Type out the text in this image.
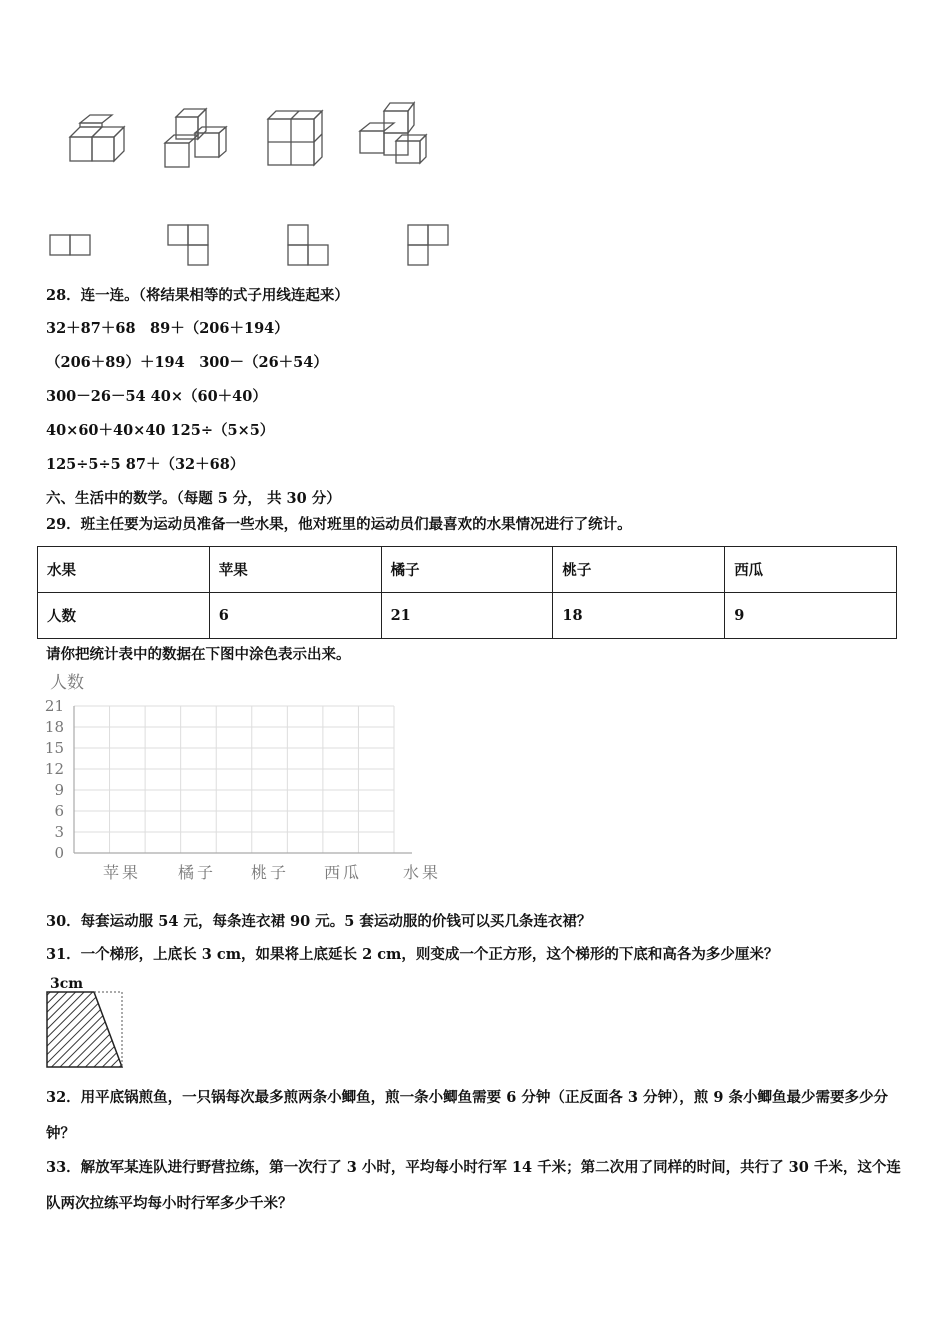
28．连一连。（将结果相等的式子用线连起来）
32＋87＋68　89＋（206＋194）
（206＋89）＋194　300－（26＋54）
300－26－54 40×（60＋40）
40×60＋40×40 125÷（5×5）
125÷5÷5 87＋（32＋68）
六、生活中的数学。（每题 5 分， 共 30 分）
29．班主任要为运动员准备一些水果，他对班里的运动员们最喜欢的水果情况进行了统计。
水果	苹果	橘子	桃子	西瓜
人数	6	21	18	9
请你把统计表中的数据在下图中涂色表示出来。
人数
21
18
15
12
9
6
3
0
苹果 橘子 桃子 西瓜	水果
30．每套运动服 54 元，每条连衣裙 90 元。5 套运动服的价钱可以买几条连衣裙？
31．一个梯形，上底长 3 cm，如果将上底延长 2 cm，则变成一个正方形，这个梯形的下底和高各为多少厘米？
3cm
32．用平底锅煎鱼，一只锅每次最多煎两条小鲫鱼，煎一条小鲫鱼需要 6 分钟（正反面各 3 分钟），煎 9 条小鲫鱼最少需要多少分钟？
33．解放军某连队进行野营拉练，第一次行了 3 小时，平均每小时行军 14 千米；第二次用了同样的时间，共行了 30 千米，这个连队两次拉练平均每小时行军多少千米？
